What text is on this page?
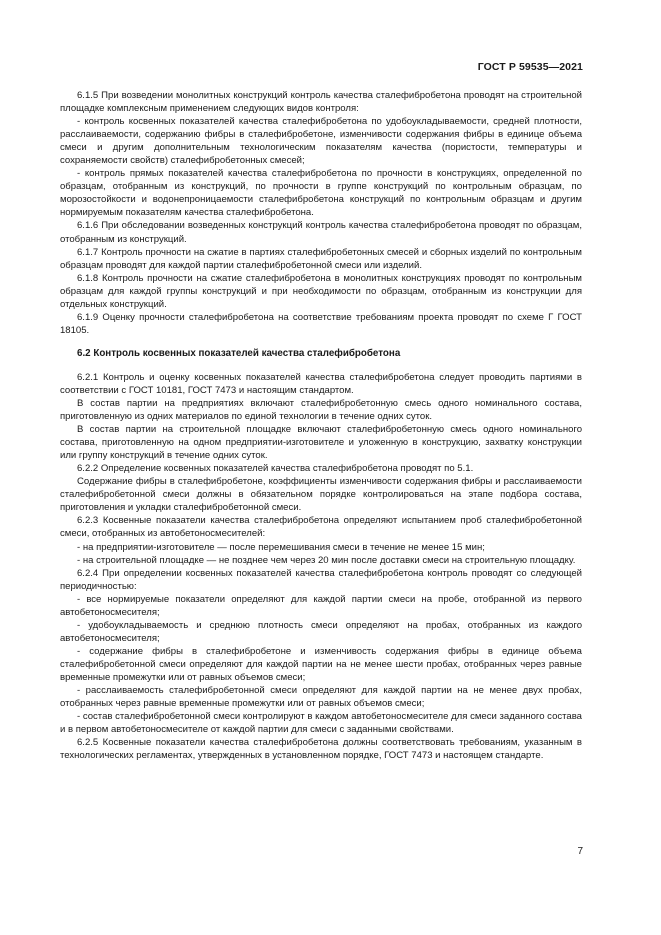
ГОСТ Р 59535—2021

6.1.5 При возведении монолитных конструкций контроль качества сталефибробетона проводят на строительной площадке комплексным применением следующих видов контроля:

- контроль косвенных показателей качества сталефибробетона по удобоукладываемости, средней плотности, расслаиваемости, содержанию фибры в сталефибробетоне, изменчивости содержания фибры в единице объема смеси и другим дополнительным технологическим показателям качества (пористости, температуры и сохраняемости свойств) сталефибробетонных смесей;

- контроль прямых показателей качества сталефибробетона по прочности в конструкциях, определенной по образцам, отобранным из конструкций, по прочности в группе конструкций по контрольным образцам, по морозостойкости и водонепроницаемости сталефибробетона конструкций по контрольным образцам и другим нормируемым показателям качества сталефибробетона.

6.1.6 При обследовании возведенных конструкций контроль качества сталефибробетона проводят по образцам, отобранным из конструкций.

6.1.7 Контроль прочности на сжатие в партиях сталефибробетонных смесей и сборных изделий по контрольным образцам проводят для каждой партии сталефибробетонной смеси или изделий.

6.1.8 Контроль прочности на сжатие сталефибробетона в монолитных конструкциях проводят по контрольным образцам для каждой группы конструкций и при необходимости по образцам, отобранным из конструкции для отдельных конструкций.

6.1.9 Оценку прочности сталефибробетона на соответствие требованиям проекта проводят по схеме Г ГОСТ 18105.

6.2 Контроль косвенных показателей качества сталефибробетона

6.2.1 Контроль и оценку косвенных показателей качества сталефибробетона следует проводить партиями в соответствии с ГОСТ 10181, ГОСТ 7473 и настоящим стандартом.

В состав партии на предприятиях включают сталефибробетонную смесь одного номинального состава, приготовленную из одних материалов по единой технологии в течение одних суток.

В состав партии на строительной площадке включают сталефибробетонную смесь одного номинального состава, приготовленную на одном предприятии-изготовителе и уложенную в конструкцию, захватку конструкции или группу конструкций в течение одних суток.

6.2.2 Определение косвенных показателей качества сталефибробетона проводят по 5.1.

Содержание фибры в сталефибробетоне, коэффициенты изменчивости содержания фибры и расслаиваемости сталефибробетонной смеси должны в обязательном порядке контролироваться на этапе подбора состава, приготовления и укладки сталефибробетонной смеси.

6.2.3 Косвенные показатели качества сталефибробетона определяют испытанием проб сталефибробетонной смеси, отобранных из автобетоносмесителей:

- на предприятии-изготовителе — после перемешивания смеси в течение не менее 15 мин;

- на строительной площадке — не позднее чем через 20 мин после доставки смеси на строительную площадку.

6.2.4 При определении косвенных показателей качества сталефибробетона контроль проводят со следующей периодичностью:

- все нормируемые показатели определяют для каждой партии смеси на пробе, отобранной из первого автобетоносмесителя;

- удобоукладываемость и среднюю плотность смеси определяют на пробах, отобранных из каждого автобетоносмесителя;

- содержание фибры в сталефибробетоне и изменчивость содержания фибры в единице объема сталефибробетонной смеси определяют для каждой партии на не менее шести пробах, отобранных через равные временные промежутки или от равных объемов смеси;

- расслаиваемость сталефибробетонной смеси определяют для каждой партии на не менее двух пробах, отобранных через равные временные промежутки или от равных объемов смеси;

- состав сталефибробетонной смеси контролируют в каждом автобетоносмесителе для смеси заданного состава и в первом автобетоносмесителе от каждой партии для смеси с заданными свойствами.

6.2.5 Косвенные показатели качества сталефибробетона должны соответствовать требованиям, указанным в технологических регламентах, утвержденных в установленном порядке, ГОСТ 7473 и настоящем стандарте.

7
